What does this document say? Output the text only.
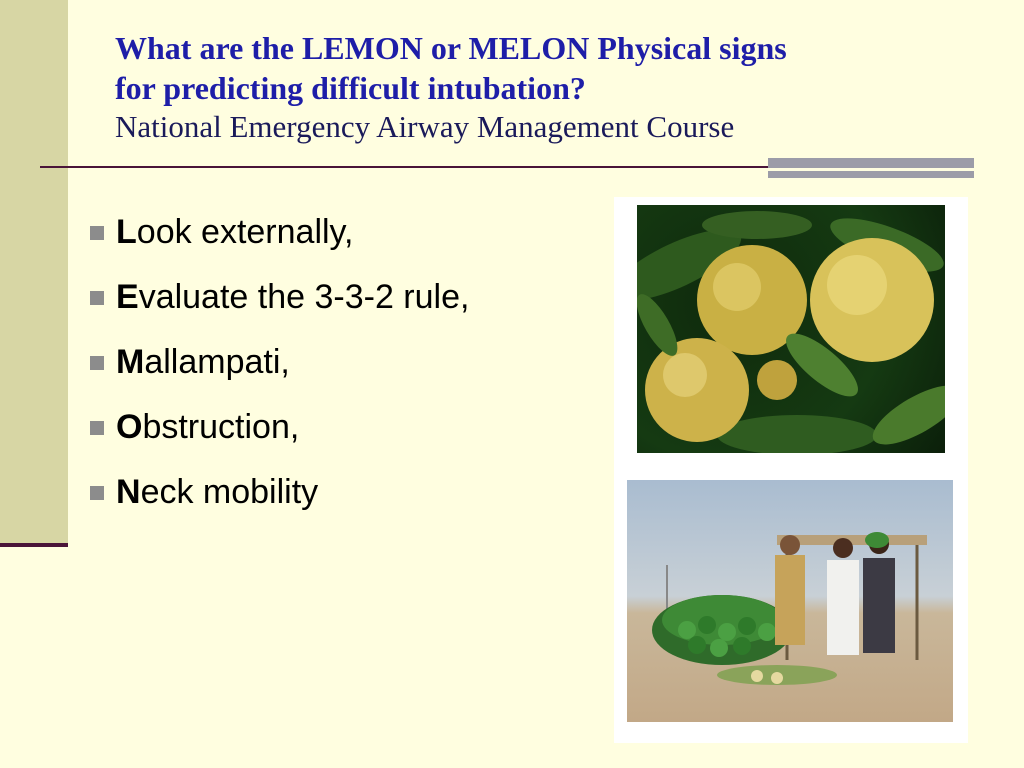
What are the LEMON or MELON Physical signs

for predicting difficult intubation?

National Emergency Airway Management Course

L ook externally,
E valuate the 3-3-2 rule,
M allampati,
O bstruction,
N eck mobility
